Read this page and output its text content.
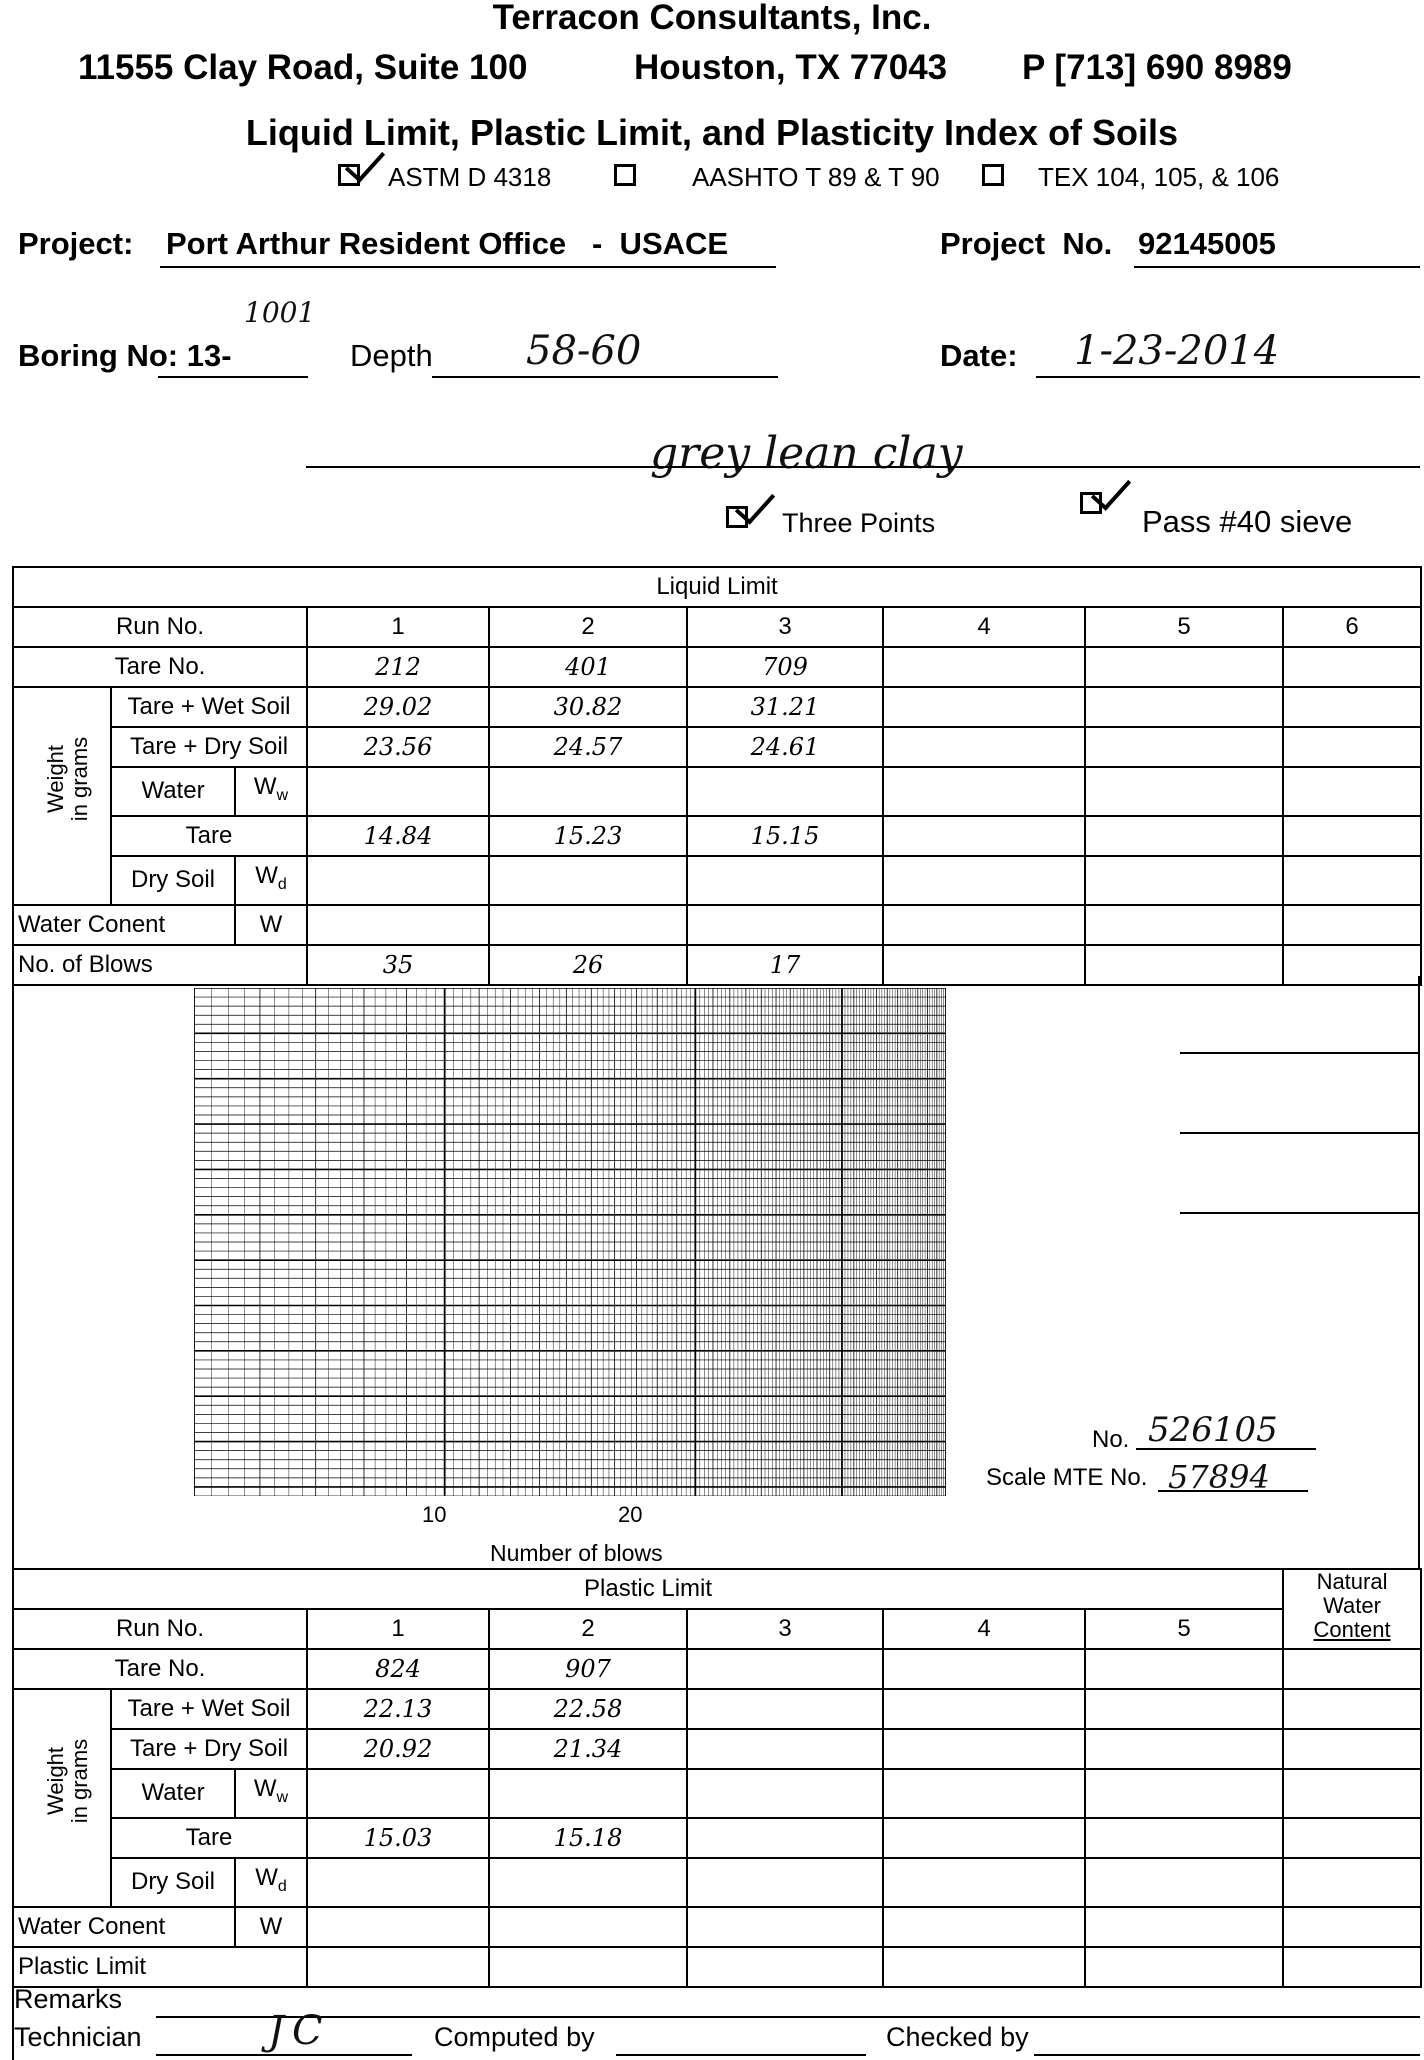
Terracon Consultants, Inc.
11555 Clay Road, Suite 100	Houston, TX 77043 P [713] 690 8989
Liquid Limit, Plastic Limit, and Plasticity Index of Soils
ASTM D 4318	AASHTO T 89 & T 90	TEX 104, 105, & 106
Project: Port Arthur Resident Office   -  USACE	Project  No. 92145005
Boring No: 13-
1001
Depth 58-60	Date: 1-23-2014
grey lean clay
Three Points	Pass #40 sieve
Liquid Limit								
Run No.			1	2	3	4	5	6
Tare No.			212	401	709			

Weight in grams	Tare + Wet Soil		29.02	30.82	31.21			
	Tare + Dry Soil		23.56	24.57	24.61			
	Water	$W_w$						
	Tare		14.84	15.23	15.15			
	Dry Soil	$W_d$						
Water Conent		W						
No. of Blows			35	26	17			
10	20
Number of blows
No. 526105
Scale MTE No. 57894
Plastic Limit								Natural
Water
Content

Run No.			1	2	3	4	5	
Tare No.			824	907				

Weight in grams	Tare + Wet Soil		22.13	22.58				
	Tare + Dry Soil		20.92	21.34				
	Water	$W_w$						
	Tare		15.03	15.18				
	Dry Soil	$W_d$						
Water Conent		W						
Plastic Limit								
Remarks
Technician	JC	Computed by	Checked by
